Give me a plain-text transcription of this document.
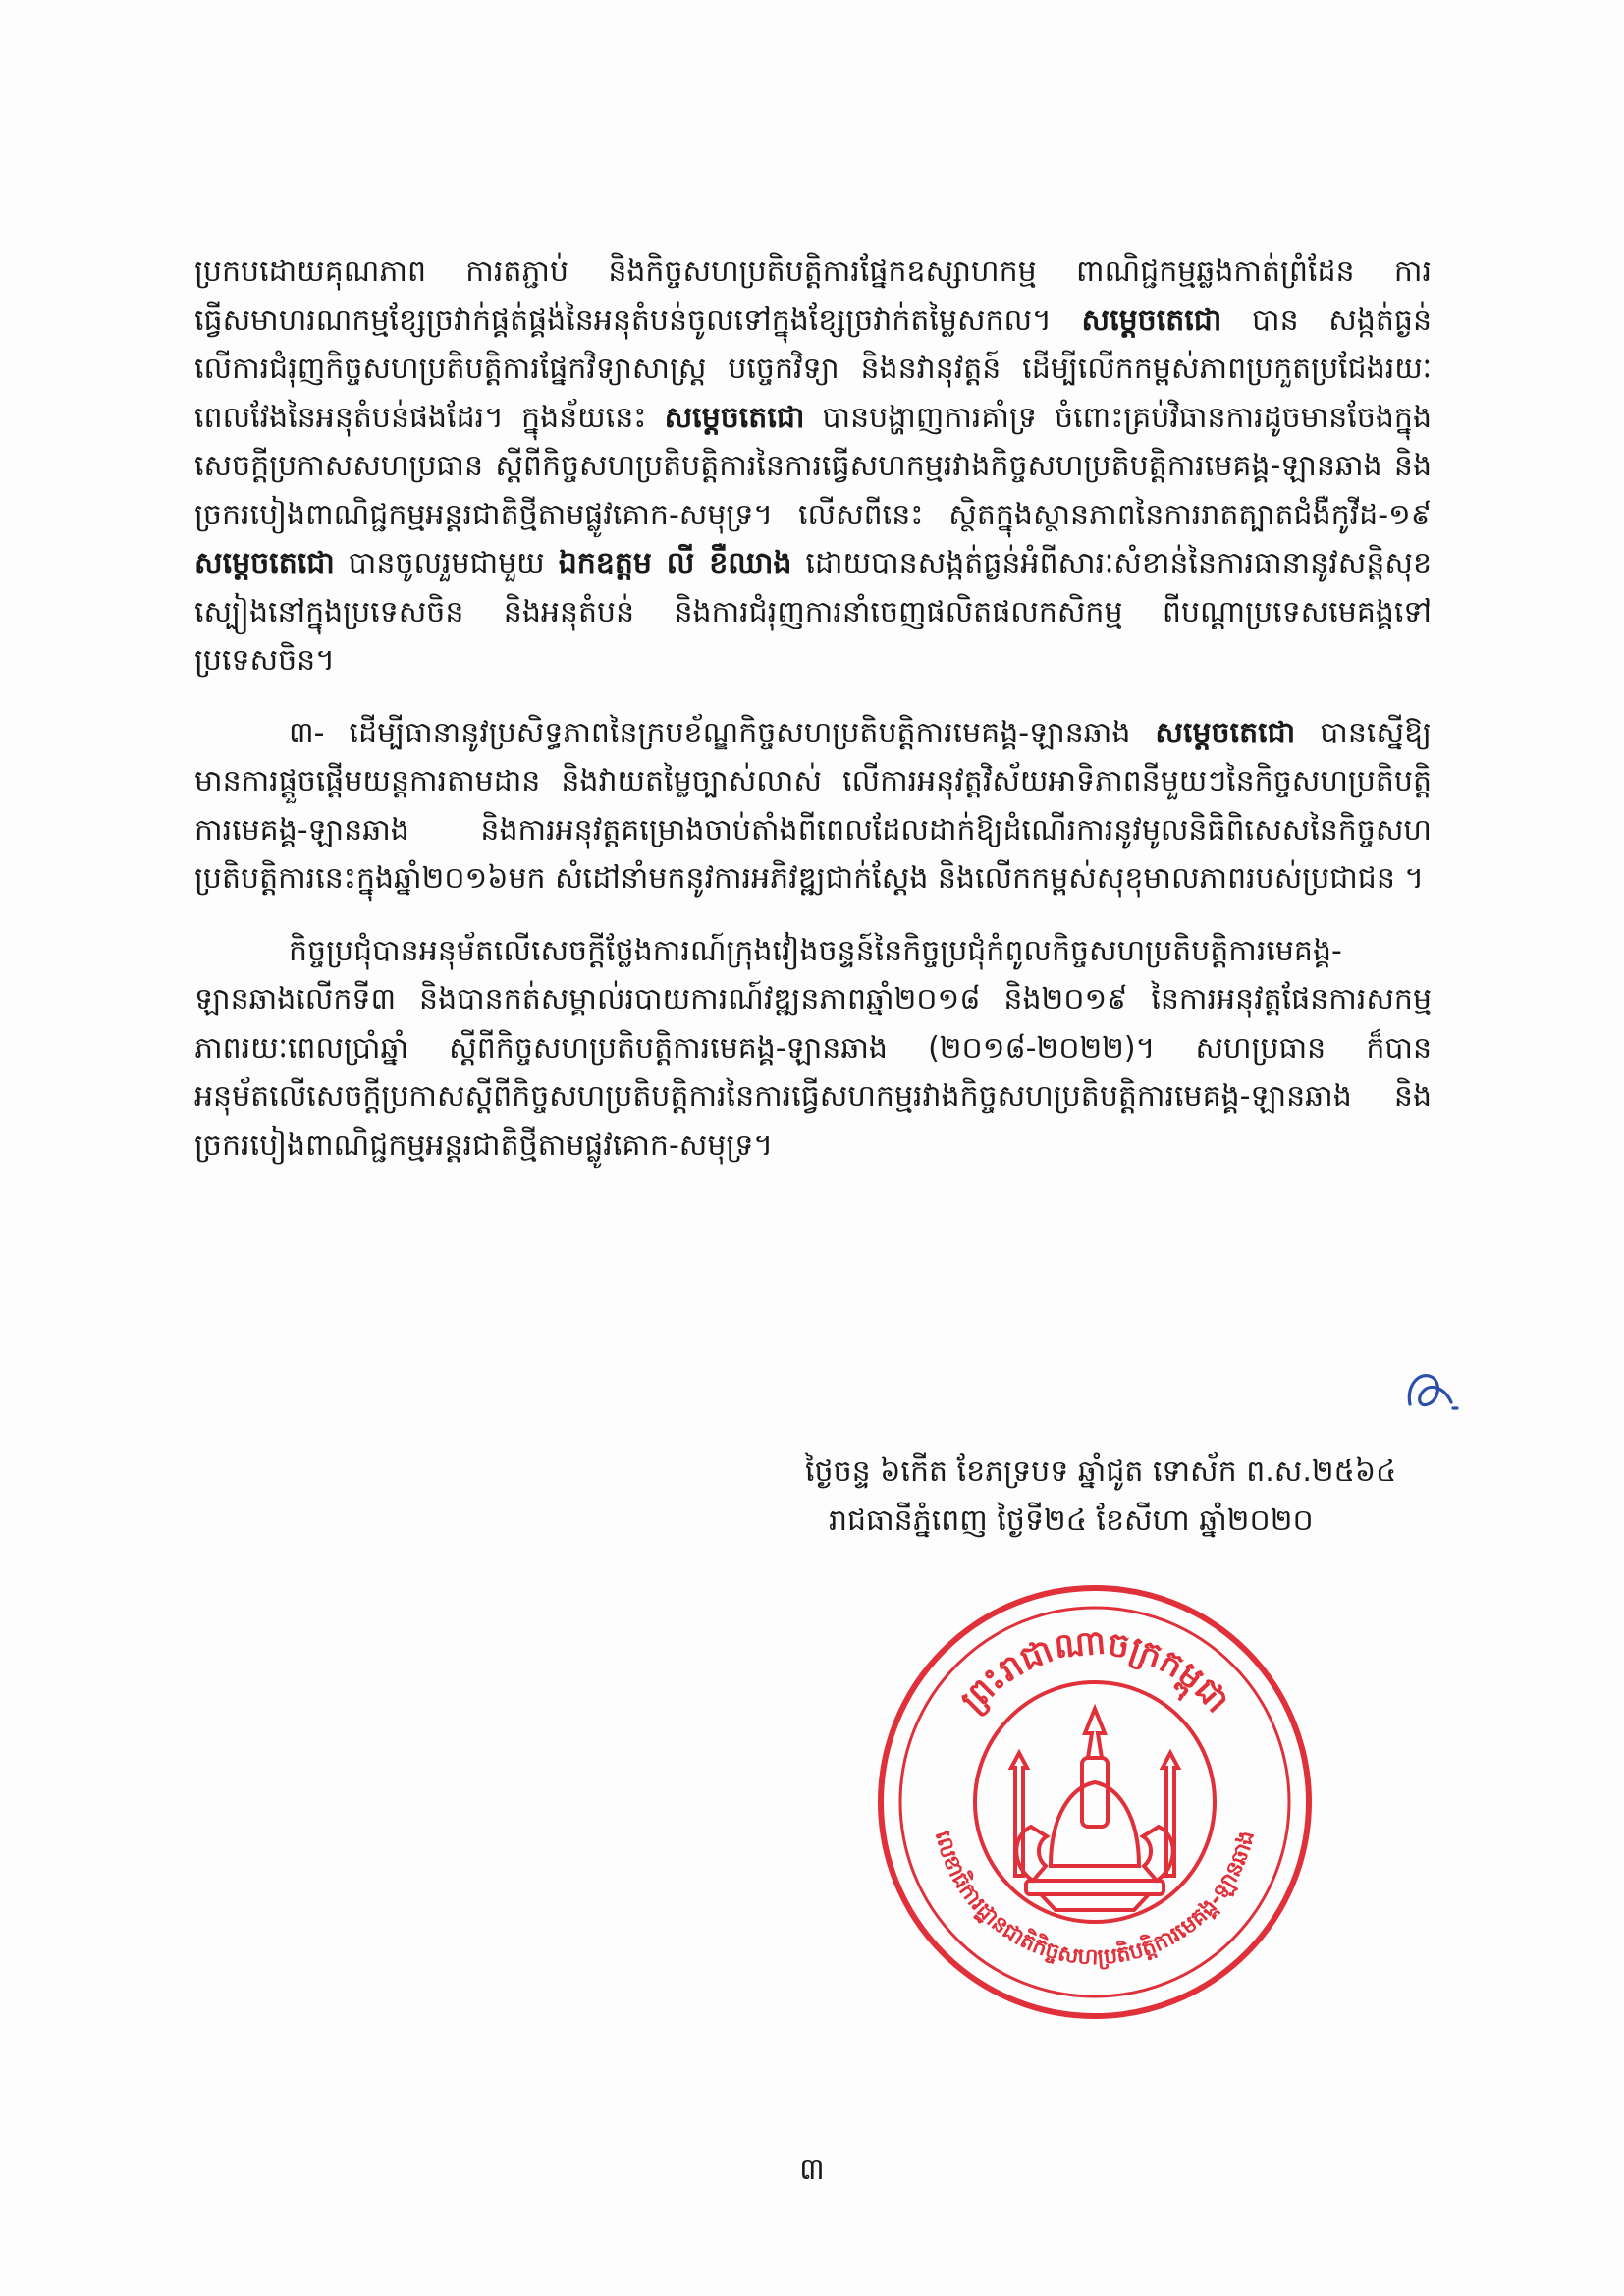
ប្រកបដោយគុណភាព ការតភ្ជាប់ និងកិច្ចសហប្រតិបត្តិការផ្នែកឧស្សាហកម្ម ពាណិជ្ជកម្មឆ្លងកាត់ព្រំដែន ការធ្វើសមាហរណកម្មខ្សែច្រវាក់ផ្គត់ផ្គង់នៃអនុតំបន់ចូលទៅក្នុងខ្សែច្រវាក់តម្លៃសកល។ សម្តេចតេជោ បាន សង្កត់ធ្ងន់លើការជំរុញកិច្ចសហប្រតិបត្តិការផ្នែកវិទ្យាសាស្ត្រ បច្ចេកវិទ្យា និងនវានុវត្តន៍ ដើម្បីលើកកម្ពស់ភាពប្រកួតប្រជែងរយៈពេលវែងនៃអនុតំបន់ផងដែរ។ ក្នុងន័យនេះ សម្តេចតេជោ បានបង្ហាញការគាំទ្រ ចំពោះគ្រប់វិធានការដូចមានចែងក្នុងសេចក្តីប្រកាសសហប្រធាន ស្តីពីកិច្ចសហប្រតិបត្តិការនៃការធ្វើសហកម្មរវាងកិច្ចសហប្រតិបត្តិការមេគង្គ-ឡានឆាង និងច្រករបៀងពាណិជ្ជកម្មអន្តរជាតិថ្មីតាមផ្លូវគោក-សមុទ្រ។ លើសពីនេះ ស្ថិតក្នុងស្ថានភាពនៃការរាតត្បាតជំងឺកូវីដ-១៩ សម្តេចតេជោ បានចូលរួមជាមួយ ឯកឧត្តម លី ខឺឈាង ដោយបានសង្កត់ធ្ងន់អំពីសារៈសំខាន់នៃការធានានូវសន្តិសុខស្បៀងនៅក្នុងប្រទេសចិន និងអនុតំបន់ និងការជំរុញការនាំចេញផលិតផលកសិកម្ម ពីបណ្តាប្រទេសមេគង្គទៅប្រទេសចិន។

៣- ដើម្បីធានានូវប្រសិទ្ធភាពនៃក្របខ័ណ្ឌកិច្ចសហប្រតិបត្តិការមេគង្គ-ឡានឆាង សម្តេចតេជោ បានស្នើឱ្យមានការផ្តួចផ្តើមយន្តការតាមដាន និងវាយតម្លៃច្បាស់លាស់ លើការអនុវត្តវិស័យអាទិភាពនីមួយៗនៃកិច្ចសហប្រតិបត្តិការមេគង្គ-ឡានឆាង និងការអនុវត្តគម្រោងចាប់តាំងពីពេលដែលដាក់ឱ្យដំណើរការនូវមូលនិធិពិសេសនៃកិច្ចសហប្រតិបត្តិការនេះក្នុងឆ្នាំ២០១៦មក សំដៅនាំមកនូវការអភិវឌ្ឍជាក់ស្តែង និងលើកកម្ពស់សុខុមាលភាពរបស់ប្រជាជន ។

កិច្ចប្រជុំបានអនុម័តលើសេចក្តីថ្លែងការណ៍ក្រុងវៀងចន្ទន៍នៃកិច្ចប្រជុំកំពូលកិច្ចសហប្រតិបត្តិការមេគង្គ-ឡានឆាងលើកទី៣ និងបានកត់សម្គាល់របាយការណ៍វឌ្ឍនភាពឆ្នាំ២០១៨ និង២០១៩ នៃការអនុវត្តផែនការសកម្មភាពរយៈពេលប្រាំឆ្នាំ ស្តីពីកិច្ចសហប្រតិបត្តិការមេគង្គ-ឡានឆាង (២០១៨-២០២២)។ សហប្រធាន ក៏បានអនុម័តលើសេចក្តីប្រកាសស្តីពីកិច្ចសហប្រតិបត្តិការនៃការធ្វើសហកម្មរវាងកិច្ចសហប្រតិបត្តិការមេគង្គ-ឡានឆាង និងច្រករបៀងពាណិជ្ជកម្មអន្តរជាតិថ្មីតាមផ្លូវគោក-សមុទ្រ។

ថ្ងៃចន្ទ ៦កើត ខែភទ្របទ ឆ្នាំជូត ទោស័ក ព.ស.២៥៦៤
រាជធានីភ្នំពេញ ថ្ងៃទី២៤ ខែសីហា ឆ្នាំ២០២០
ព្រះរាជាណាចក្រកម្ពុជា
លេខាធិការដ្ឋានជាតិកិច្ចសហប្រតិបត្តិការមេគង្គ-ឡានឆាង
៣
